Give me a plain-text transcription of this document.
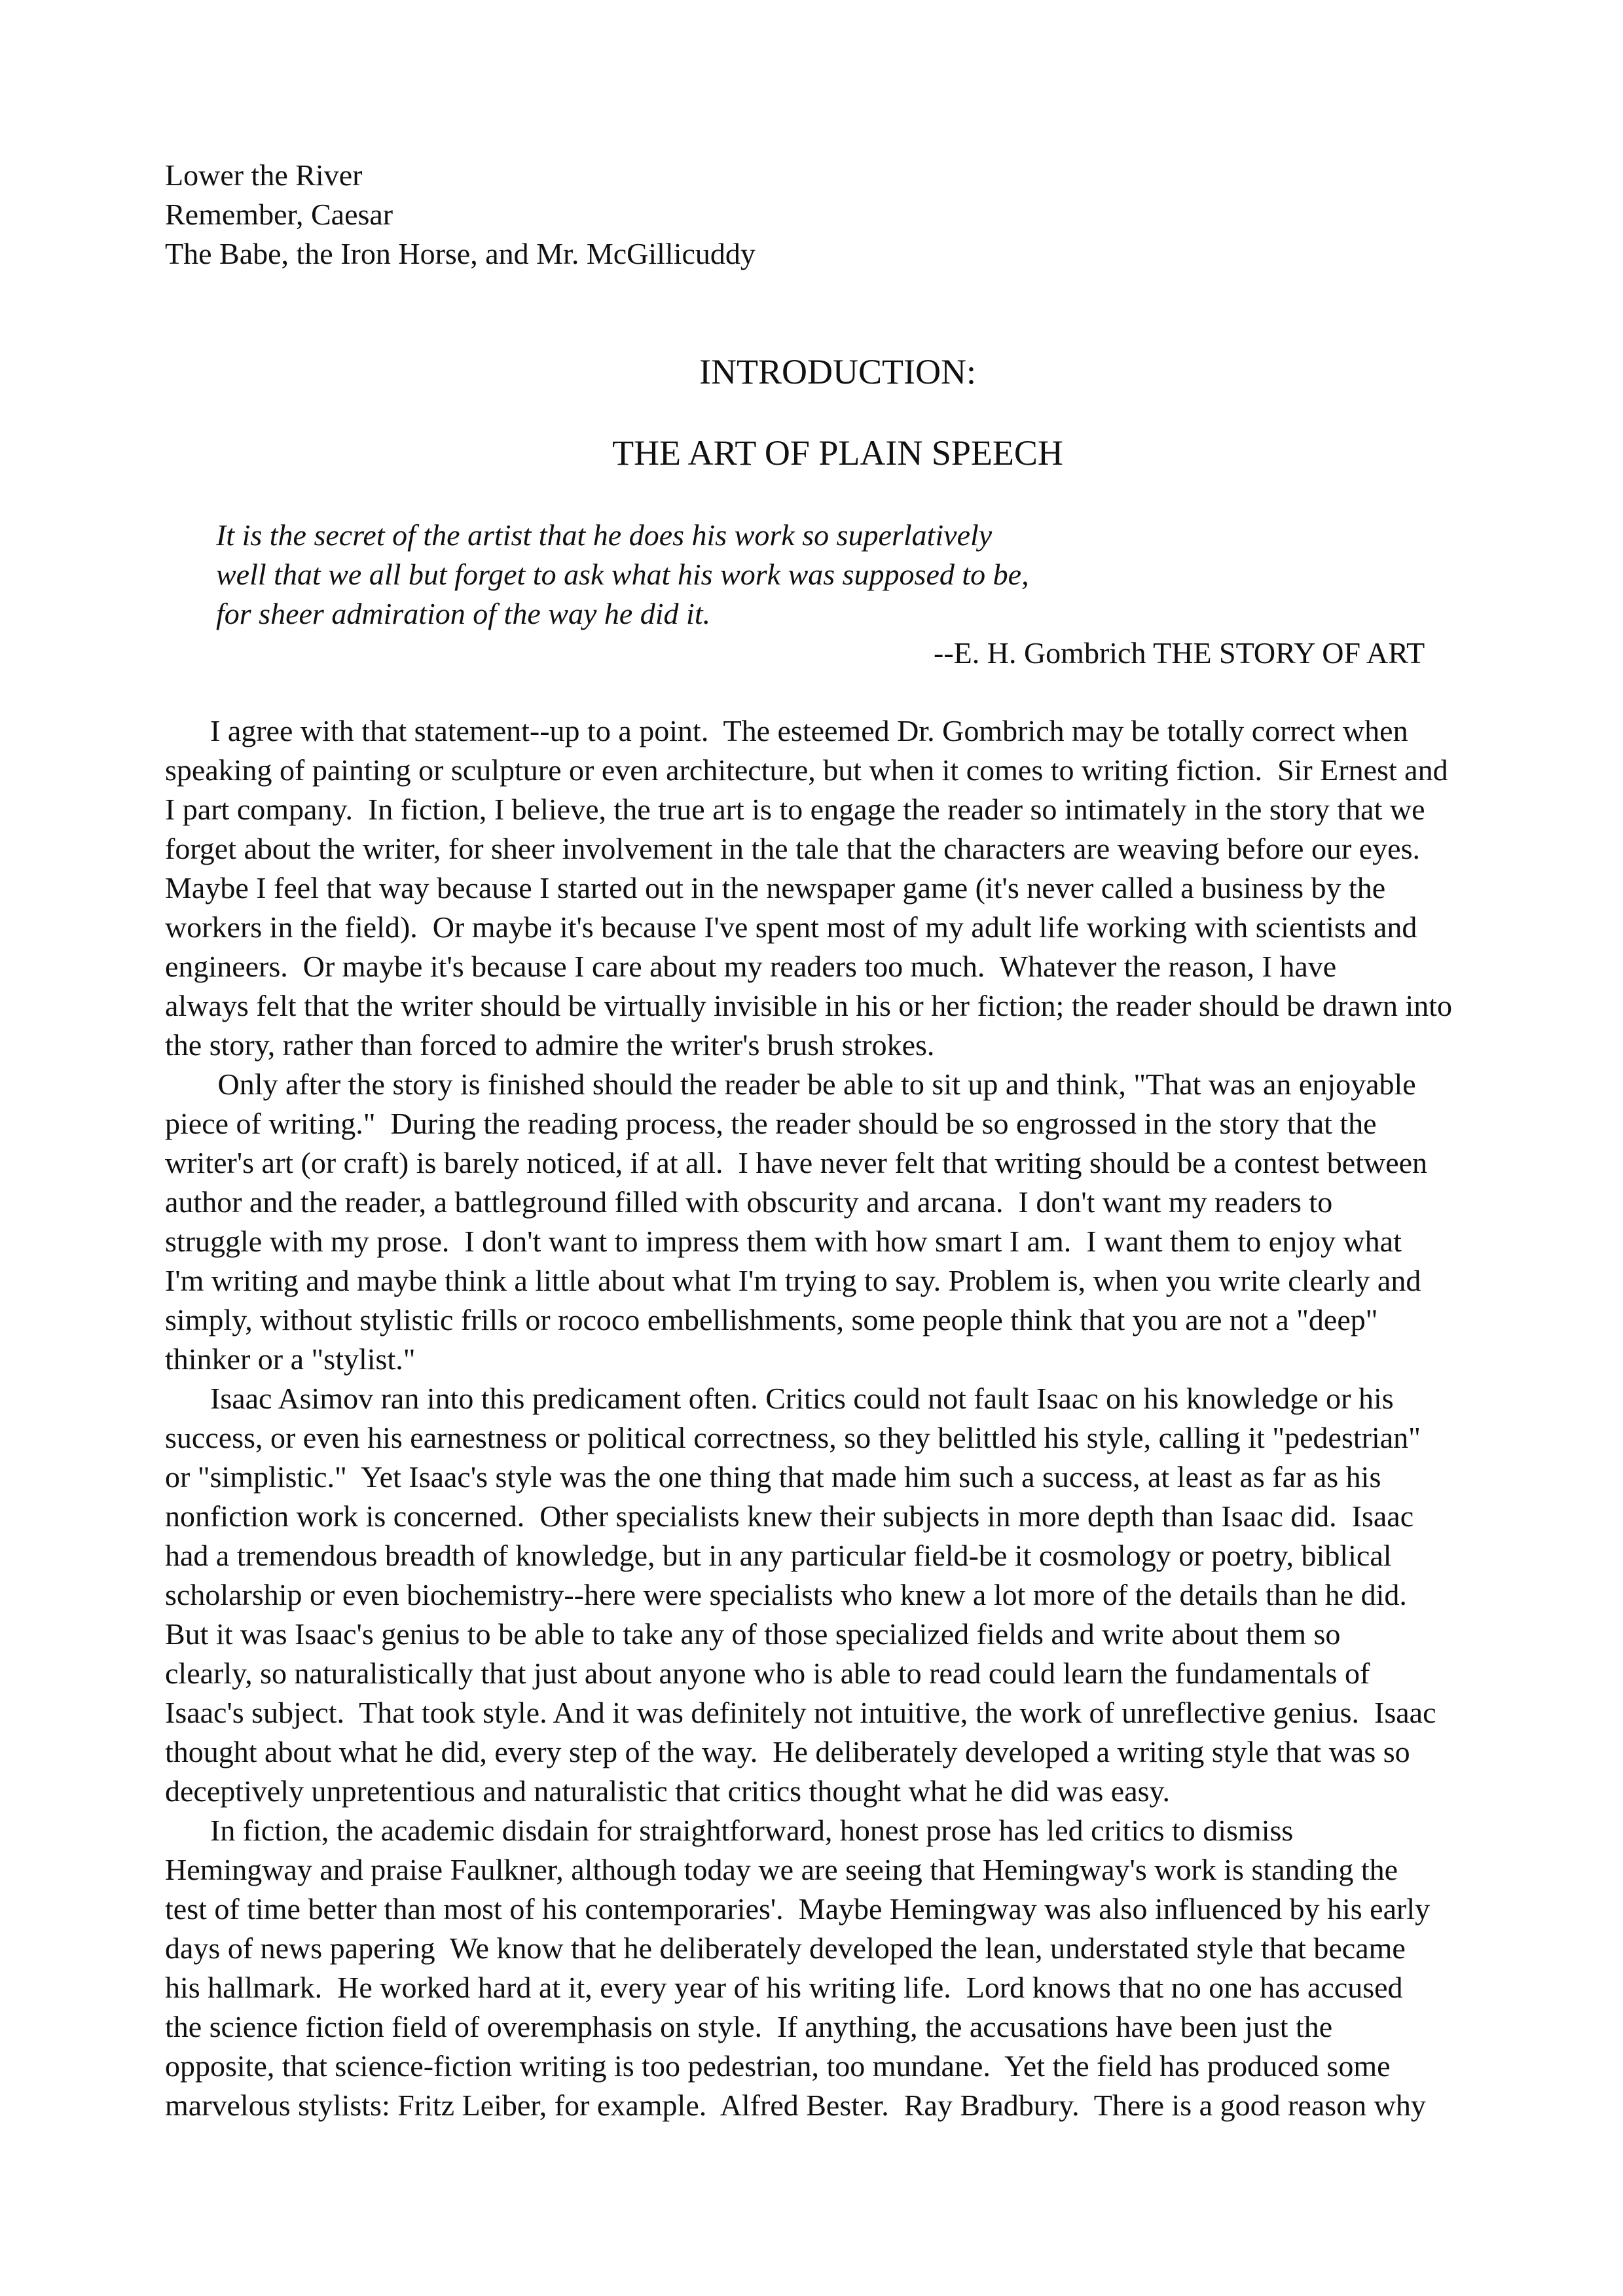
Lower the River
Remember, Caesar
The Babe, the Iron Horse, and Mr. McGillicuddy
INTRODUCTION:
THE ART OF PLAIN SPEECH

It is the secret of the artist that he does his work so superlatively

well that we all but forget to ask what his work was supposed to be,

for sheer admiration of the way he did it.

--E. H. Gombrich THE STORY OF ART

I agree with that statement--up to a point.  The esteemed Dr. Gombrich may be totally correct when
speaking of painting or sculpture or even architecture, but when it comes to writing fiction.  Sir Ernest and
I part company.  In fiction, I believe, the true art is to engage the reader so intimately in the story that we
forget about the writer, for sheer involvement in the tale that the characters are weaving before our eyes.
Maybe I feel that way because I started out in the newspaper game (it's never called a business by the
workers in the field).  Or maybe it's because I've spent most of my adult life working with scientists and
engineers.  Or maybe it's because I care about my readers too much.  Whatever the reason, I have
always felt that the writer should be virtually invisible in his or her fiction; the reader should be drawn into
the story, rather than forced to admire the writer's brush strokes.

Only after the story is finished should the reader be able to sit up and think, "That was an enjoyable
piece of writing."  During the reading process, the reader should be so engrossed in the story that the
writer's art (or craft) is barely noticed, if at all.  I have never felt that writing should be a contest between
author and the reader, a battleground filled with obscurity and arcana.  I don't want my readers to
struggle with my prose.  I don't want to impress them with how smart I am.  I want them to enjoy what
I'm writing and maybe think a little about what I'm trying to say. Problem is, when you write clearly and
simply, without stylistic frills or rococo embellishments, some people think that you are not a "deep"
thinker or a "stylist."

Isaac Asimov ran into this predicament often. Critics could not fault Isaac on his knowledge or his
success, or even his earnestness or political correctness, so they belittled his style, calling it "pedestrian"
or "simplistic."  Yet Isaac's style was the one thing that made him such a success, at least as far as his
nonfiction work is concerned.  Other specialists knew their subjects in more depth than Isaac did.  Isaac
had a tremendous breadth of knowledge, but in any particular field-be it cosmology or poetry, biblical
scholarship or even biochemistry--here were specialists who knew a lot more of the details than he did.
But it was Isaac's genius to be able to take any of those specialized fields and write about them so
clearly, so naturalistically that just about anyone who is able to read could learn the fundamentals of
Isaac's subject.  That took style. And it was definitely not intuitive, the work of unreflective genius.  Isaac
thought about what he did, every step of the way.  He deliberately developed a writing style that was so
deceptively unpretentious and naturalistic that critics thought what he did was easy.

In fiction, the academic disdain for straightforward, honest prose has led critics to dismiss
Hemingway and praise Faulkner, although today we are seeing that Hemingway's work is standing the
test of time better than most of his contemporaries'.  Maybe Hemingway was also influenced by his early
days of news papering  We know that he deliberately developed the lean, understated style that became
his hallmark.  He worked hard at it, every year of his writing life.  Lord knows that no one has accused
the science fiction field of overemphasis on style.  If anything, the accusations have been just the
opposite, that science-fiction writing is too pedestrian, too mundane.  Yet the field has produced some
marvelous stylists: Fritz Leiber, for example.  Alfred Bester.  Ray Bradbury.  There is a good reason why
